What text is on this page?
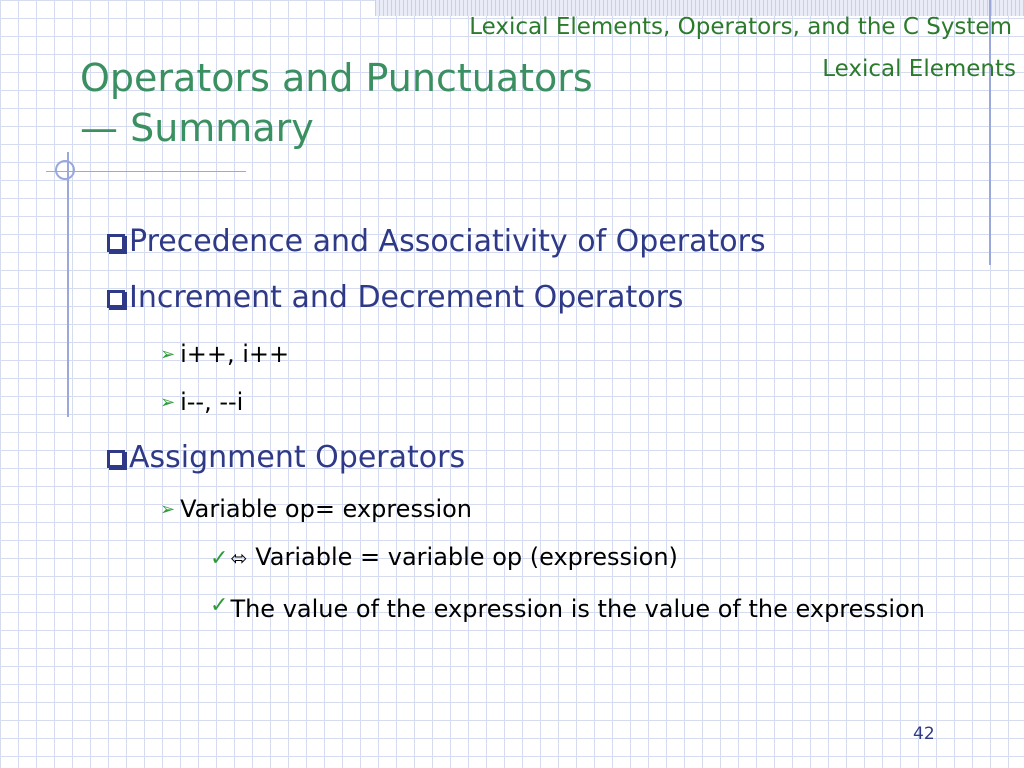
Lexical Elements, Operators, and the C System
Lexical Elements
Operators and Punctuators
— Summary
Precedence and Associativity of Operators
Increment and Decrement Operators
➢ i++, i++
➢ i--, --i
Assignment Operators
➢ Variable op= expression
✓ ⬄ Variable = variable op (expression)
✓	The value of the expression is the value of the expression
42
